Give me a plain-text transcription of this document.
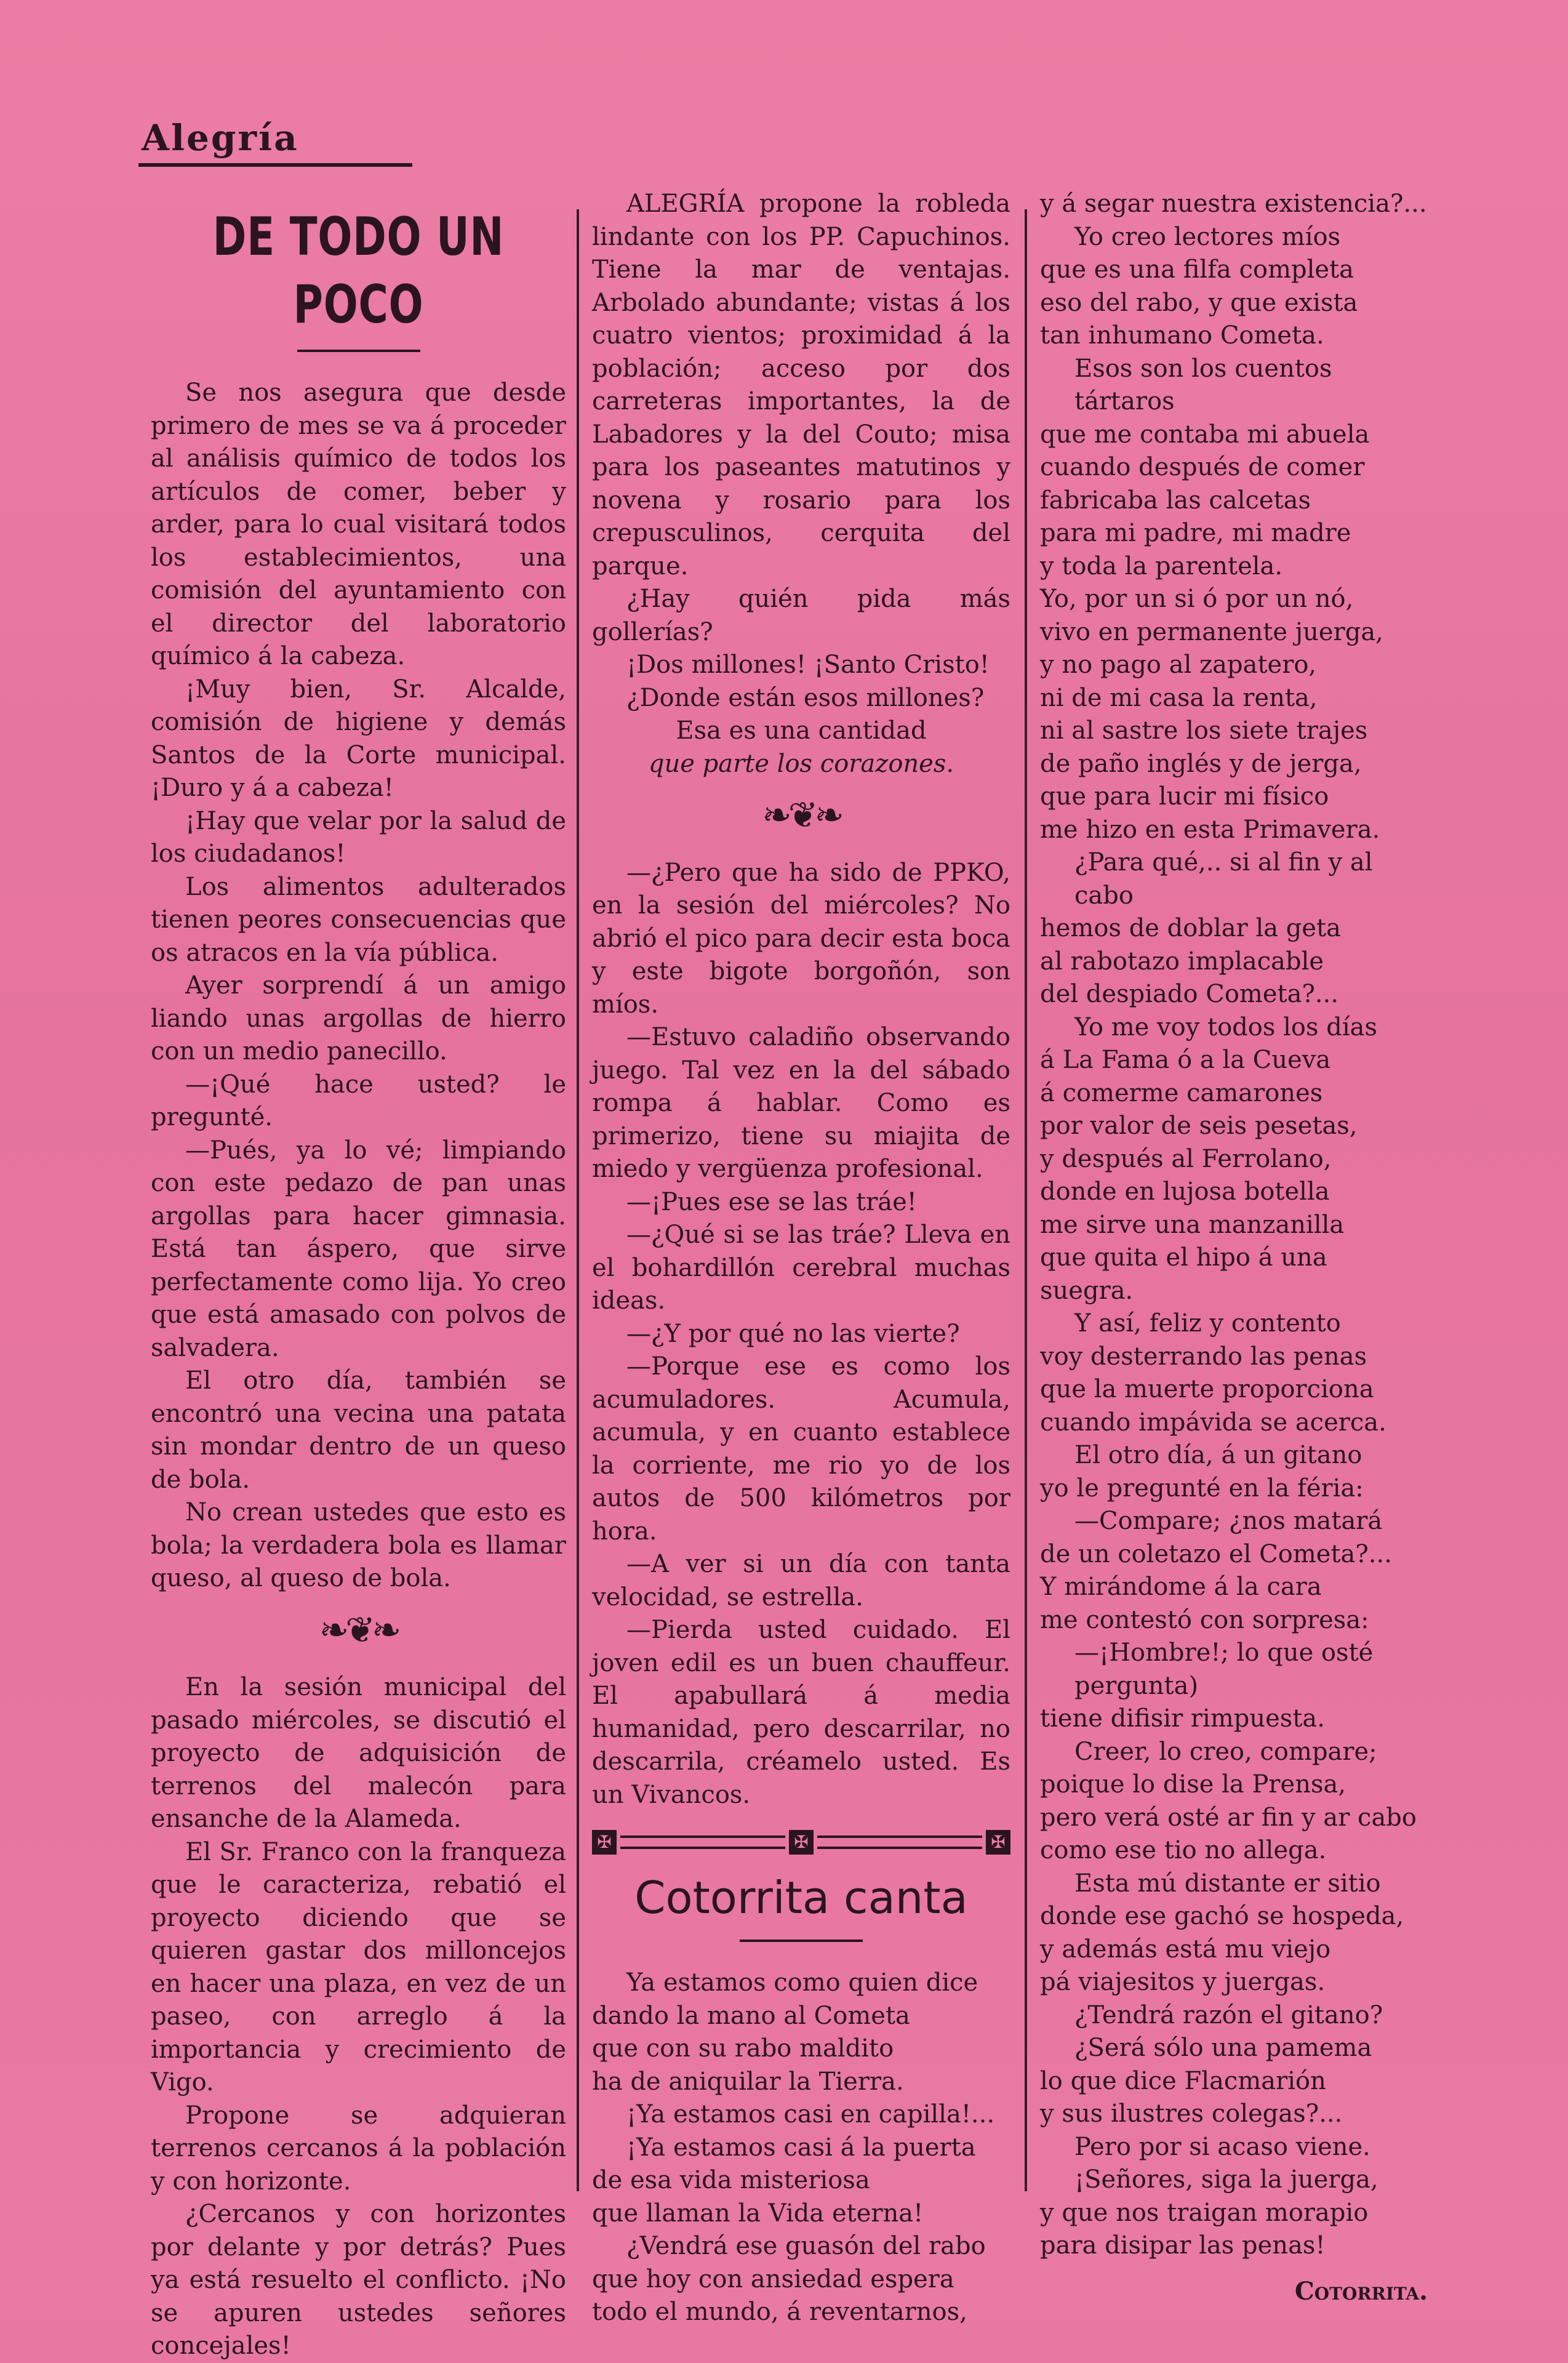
Alegría
DE TODO UN POCO

Se nos asegura que desde primero de mes se va á proceder al análisis químico de todos los artículos de comer, beber y arder, para lo cual visitará todos los establecimientos, una comisión del ayuntamiento con el director del laboratorio químico á la cabeza.

¡Muy bien, Sr. Alcalde, comisión de higiene y demás Santos de la Corte municipal. ¡Duro y á a cabeza!

¡Hay que velar por la salud de los ciudadanos!

Los alimentos adulterados tienen peores consecuencias que os atracos en la vía pública.

Ayer sorprendí á un amigo liando unas argollas de hierro con un medio panecillo.

—¡Qué hace usted? le pregunté.

—Pués, ya lo vé; limpiando con este pedazo de pan unas argollas para hacer gimnasia. Está tan áspero, que sirve perfectamente como lija. Yo creo que está amasado con polvos de salvadera.

El otro día, también se encontró una vecina una patata sin mondar dentro de un queso de bola.

No crean ustedes que esto es bola; la verdadera bola es llamar queso, al queso de bola.

❧❦❧

En la sesión municipal del pasado miércoles, se discutió el proyecto de adquisición de terrenos del malecón para ensanche de la Alameda.

El Sr. Franco con la franqueza que le caracteriza, rebatió el proyecto diciendo que se quieren gastar dos milloncejos en hacer una plaza, en vez de un paseo, con arreglo á la importancia y crecimiento de Vigo.

Propone se adquieran terrenos cercanos á la población y con horizonte.

¿Cercanos y con horizontes por delante y por detrás? Pues ya está resuelto el conflicto. ¡No se apuren ustedes señores concejales!

ALEGRÍA propone la robleda lindante con los PP. Capuchinos. Tiene la mar de ventajas. Arbolado abundante; vistas á los cuatro vientos; proximidad á la población; acceso por dos carreteras importantes, la de Labadores y la del Couto; misa para los paseantes matutinos y novena y rosario para los crepusculinos, cerquita del parque.

¿Hay quién pida más gollerías?

¡Dos millones! ¡Santo Cristo!

¿Donde están esos millones?

Esa es una cantidad

que parte los corazones.

❧❦❧

—¿Pero que ha sido de PPKO, en la sesión del miércoles? No abrió el pico para decir esta boca y este bigote borgoñón, son míos.

—Estuvo caladiño observando juego. Tal vez en la del sábado rompa á hablar. Como es primerizo, tiene su miajita de miedo y vergüenza profesional.

—¡Pues ese se las tráe!

—¿Qué si se las tráe? Lleva en el bohardillón cerebral muchas ideas.

—¿Y por qué no las vierte?

—Porque ese es como los acumuladores. Acumula, acumula, y en cuanto establece la corriente, me rio yo de los autos de 500 kilómetros por hora.

—A ver si un día con tanta velocidad, se estrella.

—Pierda usted cuidado. El joven edil es un buen chauffeur. El apabullará á media humanidad, pero descarrilar, no descarrila, créamelo usted. Es un Vivancos.

✠	✠	✠
Cotorrita canta

Ya estamos como quien dice

dando la mano al Cometa

que con su rabo maldito

ha de aniquilar la Tierra.

¡Ya estamos casi en capilla!...

¡Ya estamos casi á la puerta

de esa vida misteriosa

que llaman la Vida eterna!

¿Vendrá ese guasón del rabo

que hoy con ansiedad espera

todo el mundo, á reventarnos,

y á segar nuestra existencia?...

Yo creo lectores míos

que es una filfa completa

eso del rabo, y que exista

tan inhumano Cometa.

Esos son los cuentos tártaros

que me contaba mi abuela

cuando después de comer

fabricaba las calcetas

para mi padre, mi madre

y toda la parentela.

Yo, por un si ó por un nó,

vivo en permanente juerga,

y no pago al zapatero,

ni de mi casa la renta,

ni al sastre los siete trajes

de paño inglés y de jerga,

que para lucir mi físico

me hizo en esta Primavera.

¿Para qué,.. si al fin y al cabo

hemos de doblar la geta

al rabotazo implacable

del despiado Cometa?...

Yo me voy todos los días

á La Fama ó a la Cueva

á comerme camarones

por valor de seis pesetas,

y después al Ferrolano,

donde en lujosa botella

me sirve una manzanilla

que quita el hipo á una suegra.

Y así, feliz y contento

voy desterrando las penas

que la muerte proporciona

cuando impávida se acerca.

El otro día, á un gitano

yo le pregunté en la féria:

—Compare; ¿nos matará

de un coletazo el Cometa?...

Y mirándome á la cara

me contestó con sorpresa:

—¡Hombre!; lo que osté pergunta)

tiene difisir rimpuesta.

Creer, lo creo, compare;

poique lo dise la Prensa,

pero verá osté ar fin y ar cabo

como ese tio no allega.

Esta mú distante er sitio

donde ese gachó se hospeda,

y además está mu viejo

pá viajesitos y juergas.

¿Tendrá razón el gitano?

¿Será sólo una pamema

lo que dice Flacmarión

y sus ilustres colegas?...

Pero por si acaso viene.

¡Señores, siga la juerga,

y que nos traigan morapio

para disipar las penas!

Cotorrita.
